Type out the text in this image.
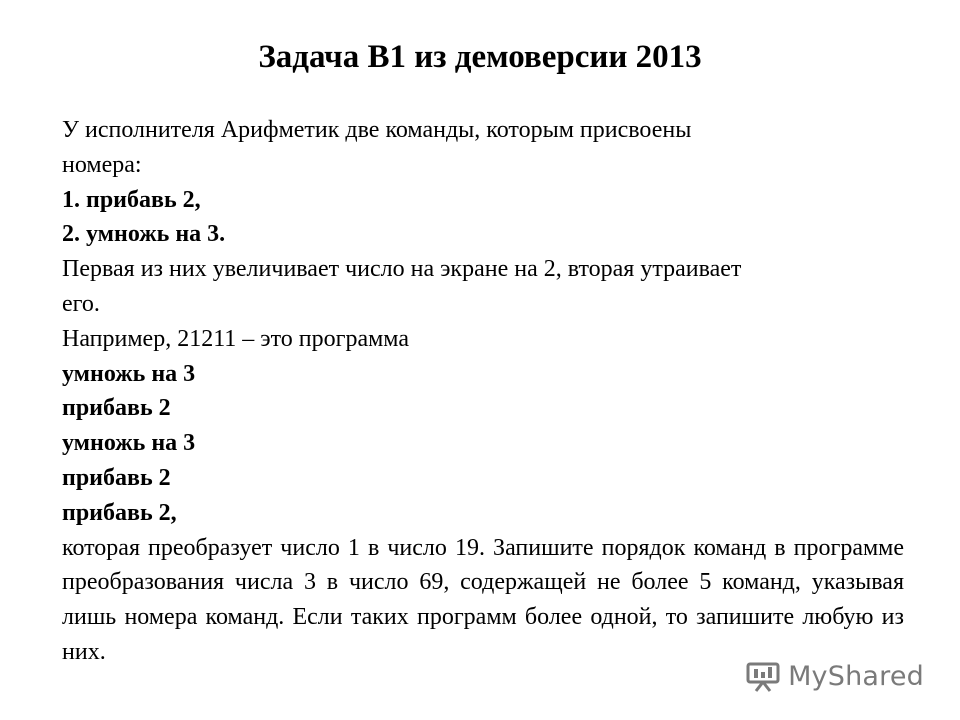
Задача В1 из демоверсии 2013

У исполнителя Арифметик две команды, которым присвоены

номера:

1. прибавь 2,

2. умножь на 3.

Первая из них увеличивает число на экране на 2, вторая утраивает

его.

Например, 21211 – это программа

умножь на 3

прибавь 2

умножь на 3

прибавь 2

прибавь 2,

которая преобразует число 1 в число 19. Запишите порядок команд в программе преобразования числа 3 в число 69, содержащей не более 5 команд, указывая лишь номера команд. Если таких программ более одной, то запишите любую из них.

MyShared
